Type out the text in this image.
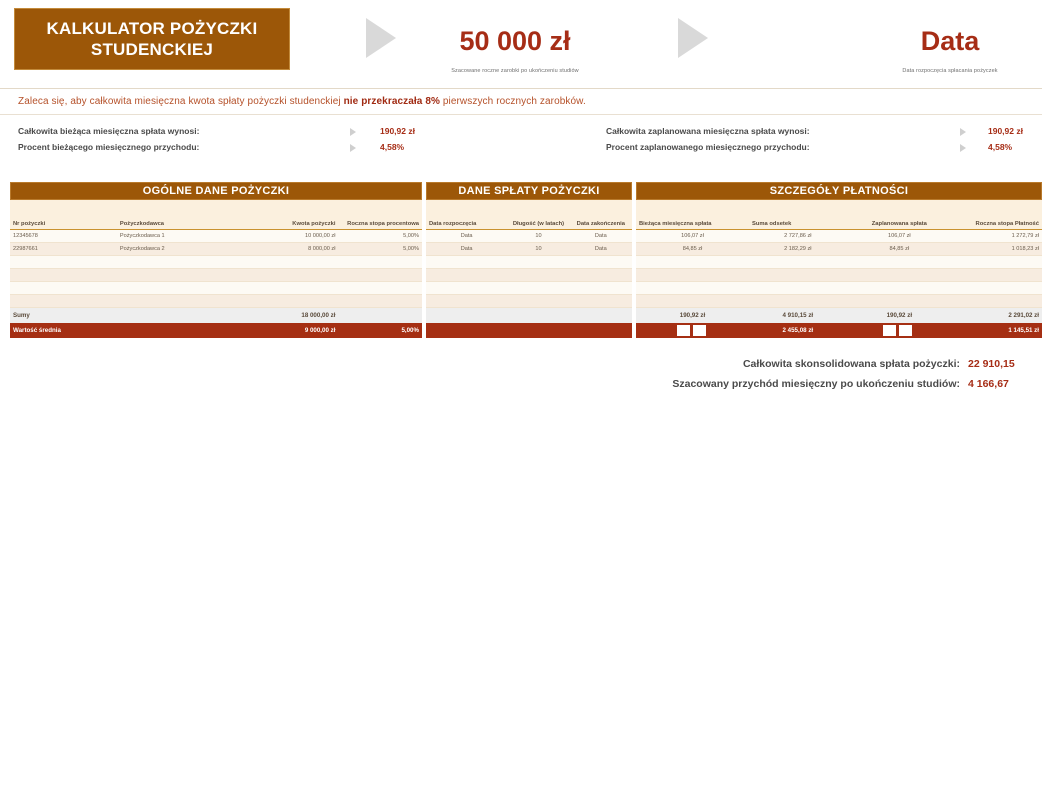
KALKULATOR POŻYCZKI
STUDENCKIEJ	50 000 zł
Szacowane roczne zarobki po ukończeniu studiów
Data
Data rozpoczęcia spłacania pożyczek
Zaleca się, aby całkowita miesięczna kwota spłaty pożyczki studenckiej nie przekraczała 8% pierwszych rocznych zarobków.
Całkowita bieżąca miesięczna spłata wynosi:	190,92 zł
Procent bieżącego miesięcznego przychodu:	4,58%
Całkowita zaplanowana miesięczna spłata wynosi:	190,92 zł
Procent zaplanowanego miesięcznego przychodu:	4,58%
OGÓLNE DANE POŻYCZKI
Nr pożyczki	Pożyczkodawca	Kwota pożyczki	Roczna stopa procentowa
12345678	Pożyczkodawca 1	10 000,00 zł	5,00%
22987661	Pożyczkodawca 2	8 000,00 zł	5,00%

Sumy		18 000,00 zł	
Wartość średnia		9 000,00 zł	5,00%
DANE SPŁATY POŻYCZKI
Data rozpoczęcia	Długość (w latach)	Data zakończenia
Data	10	Data
Data	10	Data

SZCZEGÓŁY PŁATNOŚCI
Bieżąca miesięczna spłata	Suma odsetek	Zaplanowana spłata	Roczna stopa Płatność
106,07 zł	2 727,86 zł	106,07 zł	1 272,79 zł
84,85 zł	2 182,29 zł	84,85 zł	1 018,23 zł

190,92 zł	4 910,15 zł	190,92 zł	2 291,02 zł
	2 455,08 zł		1 145,51 zł
Całkowita skonsolidowana spłata pożyczki: 22 910,15
Szacowany przychód miesięczny po ukończeniu studiów: 4 166,67
